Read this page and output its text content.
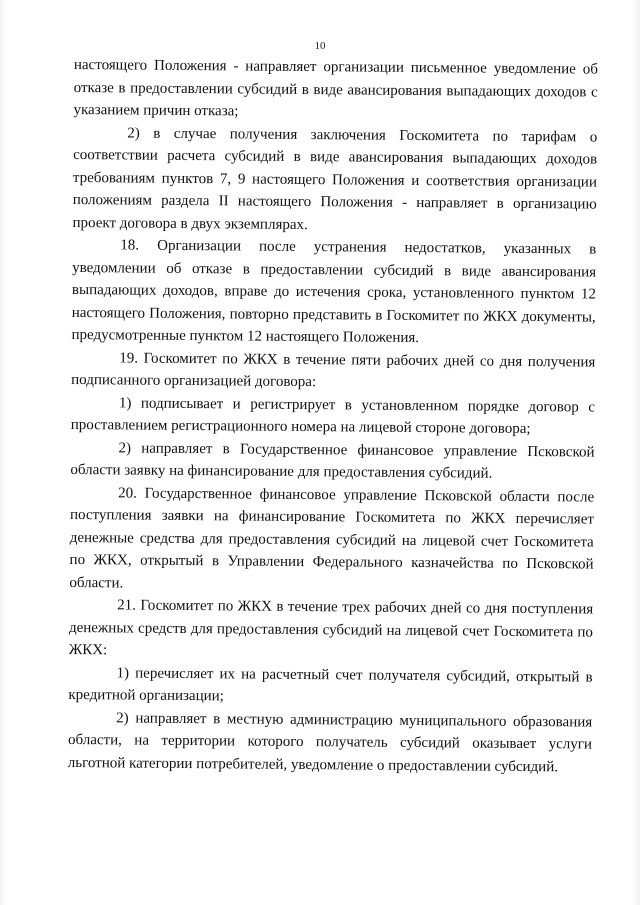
10

настоящего Положения - направляет организации письменное уведомление об отказе в предоставлении субсидий в виде авансирования выпадающих доходов с указанием причин отказа;

2) в случае получения заключения Госкомитета по тарифам о соответствии расчета субсидий в виде авансирования выпадающих доходов требованиям пунктов 7, 9 настоящего Положения и соответствия организации положениям раздела II настоящего Положения - направляет в организацию проект договора в двух экземплярах.

18. Организации после устранения недостатков, указанных в уведомлении об отказе в предоставлении субсидий в виде авансирования выпадающих доходов, вправе до истечения срока, установленного пунктом 12 настоящего Положения, повторно представить в Госкомитет по ЖКХ документы, предусмотренные пунктом 12 настоящего Положения.

19. Госкомитет по ЖКХ в течение пяти рабочих дней со дня получения подписанного организацией договора:

1) подписывает и регистрирует в установленном порядке договор с проставлением регистрационного номера на лицевой стороне договора;

2) направляет в Государственное финансовое управление Псковской области заявку на финансирование для предоставления субсидий.

20. Государственное финансовое управление Псковской области после поступления заявки на финансирование Госкомитета по ЖКХ перечисляет денежные средства для предоставления субсидий на лицевой счет Госкомитета по ЖКХ, открытый в Управлении Федерального казначейства по Псковской области.

21. Госкомитет по ЖКХ в течение трех рабочих дней со дня поступления денежных средств для предоставления субсидий на лицевой счет Госкомитета по ЖКХ:

1) перечисляет их на расчетный счет получателя субсидий, открытый в кредитной организации;

2) направляет в местную администрацию муниципального образования области, на территории которого получатель субсидий оказывает услуги льготной категории потребителей, уведомление о предоставлении субсидий.
